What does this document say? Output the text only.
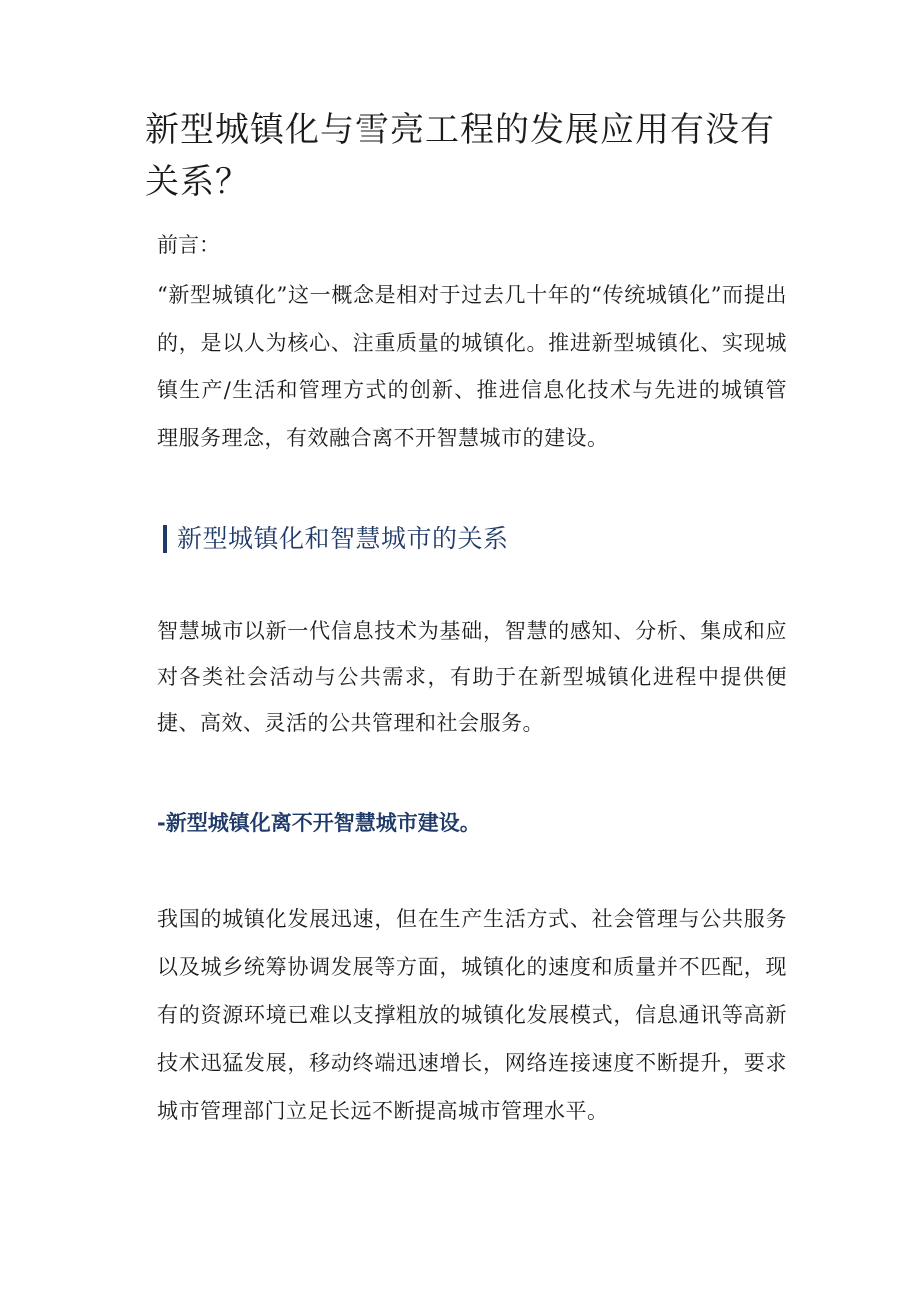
新型城镇化与雪亮工程的发展应用有没有关系？

前言：

“新型城镇化”这一概念是相对于过去几十年的“传统城镇化”而提出的，是以人为核心、注重质量的城镇化。推进新型城镇化、实现城镇生产/生活和管理方式的创新、推进信息化技术与先进的城镇管理服务理念，有效融合离不开智慧城市的建设。

新型城镇化和智慧城市的关系

智慧城市以新一代信息技术为基础，智慧的感知、分析、集成和应对各类社会活动与公共需求，有助于在新型城镇化进程中提供便捷、高效、灵活的公共管理和社会服务。

-新型城镇化离不开智慧城市建设。

我国的城镇化发展迅速，但在生产生活方式、社会管理与公共服务以及城乡统筹协调发展等方面，城镇化的速度和质量并不匹配，现有的资源环境已难以支撑粗放的城镇化发展模式，信息通讯等高新技术迅猛发展，移动终端迅速增长，网络连接速度不断提升，要求城市管理部门立足长远不断提高城市管理水平。
